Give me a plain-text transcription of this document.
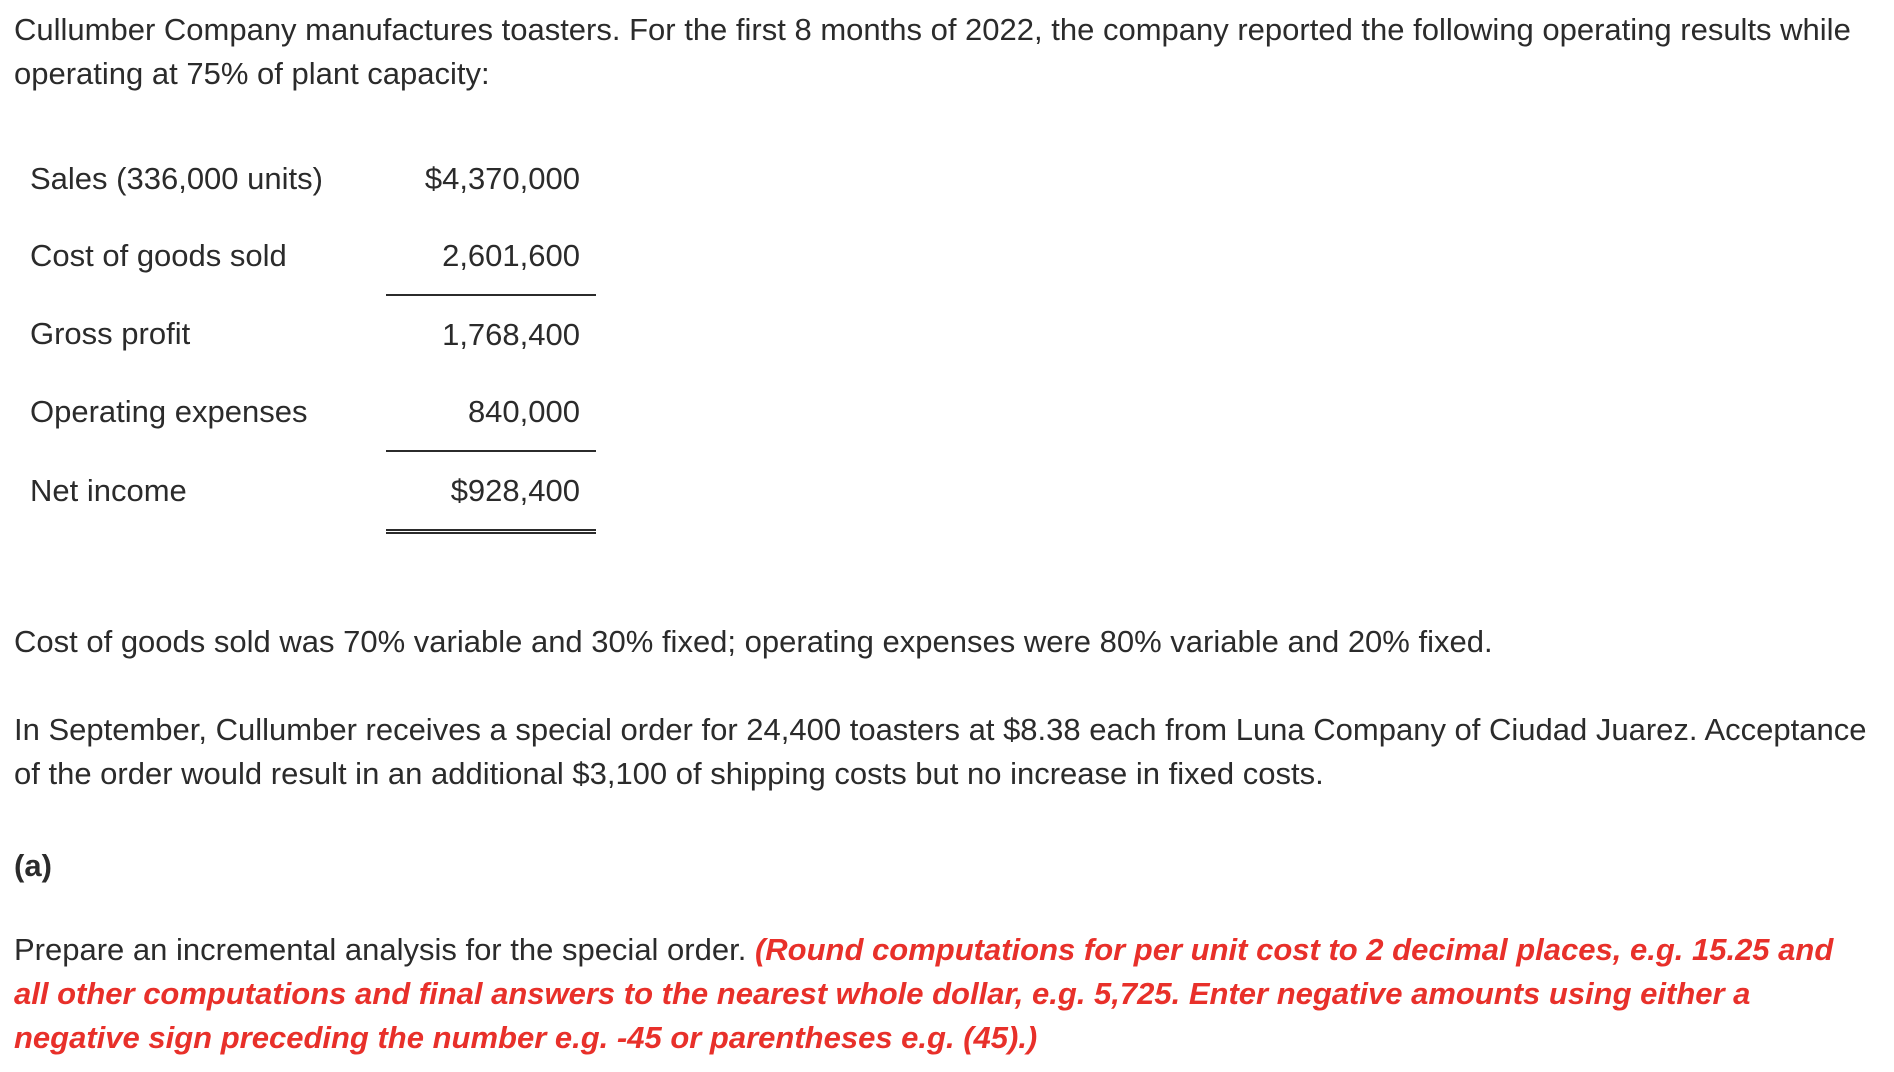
Cullumber Company manufactures toasters. For the first 8 months of 2022, the company reported the following operating results while operating at 75% of plant capacity:

Sales (336,000 units)	$4,370,000
Cost of goods sold	2,601,600
Gross profit	1,768,400
Operating expenses	840,000
Net income	$928,400

Cost of goods sold was 70% variable and 30% fixed; operating expenses were 80% variable and 20% fixed.

In September, Cullumber receives a special order for 24,400 toasters at $8.38 each from Luna Company of Ciudad Juarez. Acceptance of the order would result in an additional $3,100 of shipping costs but no increase in fixed costs.

(a)

Prepare an incremental analysis for the special order. (Round computations for per unit cost to 2 decimal places, e.g. 15.25 and all other computations and final answers to the nearest whole dollar, e.g. 5,725. Enter negative amounts using either a negative sign preceding the number e.g. -45 or parentheses e.g. (45).)
